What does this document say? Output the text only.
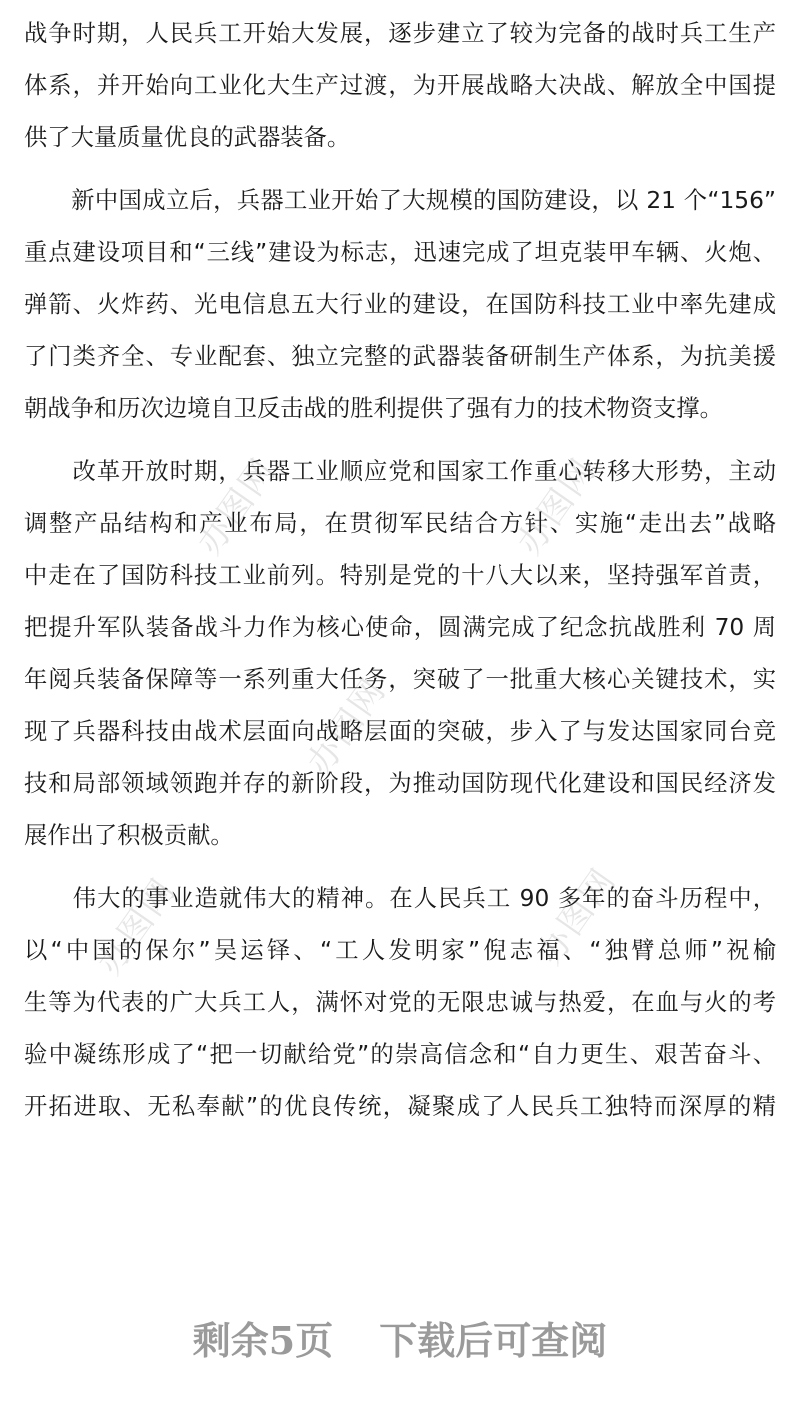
办图网	办图网
办图网
办图网	办图网
战争时期，人民兵工开始大发展，逐步建立了较为完备的战时兵工生产
体系，并开始向工业化大生产过渡，为开展战略大决战、解放全中国提
供了大量质量优良的武器装备。
　　新中国成立后，兵器工业开始了大规模的国防建设，以 21 个“156”
重点建设项目和“三线”建设为标志，迅速完成了坦克装甲车辆、火炮、
弹箭、火炸药、光电信息五大行业的建设，在国防科技工业中率先建成
了门类齐全、专业配套、独立完整的武器装备研制生产体系，为抗美援
朝战争和历次边境自卫反击战的胜利提供了强有力的技术物资支撑。
　　改革开放时期，兵器工业顺应党和国家工作重心转移大形势，主动
调整产品结构和产业布局，在贯彻军民结合方针、实施“走出去”战略
中走在了国防科技工业前列。特别是党的十八大以来，坚持强军首责，
把提升军队装备战斗力作为核心使命，圆满完成了纪念抗战胜利 70 周
年阅兵装备保障等一系列重大任务，突破了一批重大核心关键技术，实
现了兵器科技由战术层面向战略层面的突破，步入了与发达国家同台竞
技和局部领域领跑并存的新阶段，为推动国防现代化建设和国民经济发
展作出了积极贡献。
　　伟大的事业造就伟大的精神。在人民兵工 90 多年的奋斗历程中，
以“中国的保尔”吴运铎、“工人发明家”倪志福、“独臂总师”祝榆
生等为代表的广大兵工人，满怀对党的无限忠诚与热爱，在血与火的考
验中凝练形成了“把一切献给党”的崇高信念和“自力更生、艰苦奋斗、
开拓进取、无私奉献”的优良传统，凝聚成了人民兵工独特而深厚的精
剩余5页 下载后可查阅
